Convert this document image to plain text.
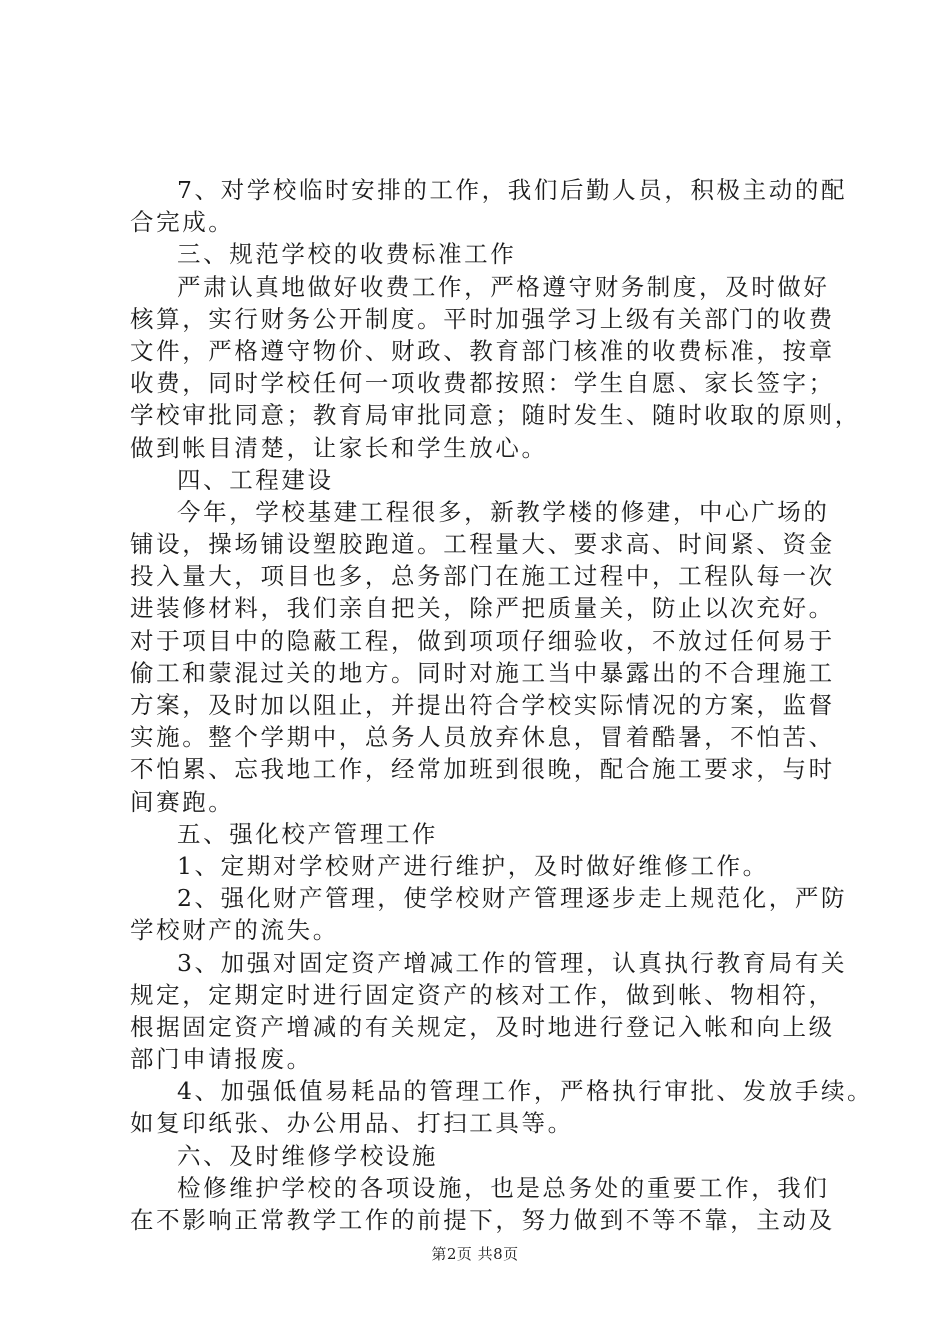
7、对学校临时安排的工作，我们后勤人员，积极主动的配
合完成。
三、规范学校的收费标准工作
严肃认真地做好收费工作，严格遵守财务制度，及时做好
核算，实行财务公开制度。平时加强学习上级有关部门的收费
文件，严格遵守物价、财政、教育部门核准的收费标准，按章
收费，同时学校任何一项收费都按照：学生自愿、家长签字；
学校审批同意；教育局审批同意；随时发生、随时收取的原则，
做到帐目清楚，让家长和学生放心。
四、工程建设
今年，学校基建工程很多，新教学楼的修建，中心广场的
铺设，操场铺设塑胶跑道。工程量大、要求高、时间紧、资金
投入量大，项目也多，总务部门在施工过程中，工程队每一次
进装修材料，我们亲自把关，除严把质量关，防止以次充好。
对于项目中的隐蔽工程，做到项项仔细验收，不放过任何易于
偷工和蒙混过关的地方。同时对施工当中暴露出的不合理施工
方案，及时加以阻止，并提出符合学校实际情况的方案，监督
实施。整个学期中，总务人员放弃休息，冒着酷暑，不怕苦、
不怕累、忘我地工作，经常加班到很晚，配合施工要求，与时
间赛跑。
五、强化校产管理工作
1、定期对学校财产进行维护，及时做好维修工作。
2、强化财产管理，使学校财产管理逐步走上规范化，严防
学校财产的流失。
3、加强对固定资产增减工作的管理，认真执行教育局有关
规定，定期定时进行固定资产的核对工作，做到帐、物相符，
根据固定资产增减的有关规定，及时地进行登记入帐和向上级
部门申请报废。
4、加强低值易耗品的管理工作，严格执行审批、发放手续。
如复印纸张、办公用品、打扫工具等。
六、及时维修学校设施
检修维护学校的各项设施，也是总务处的重要工作，我们
在不影响正常教学工作的前提下，努力做到不等不靠，主动及
第2页 共8页
